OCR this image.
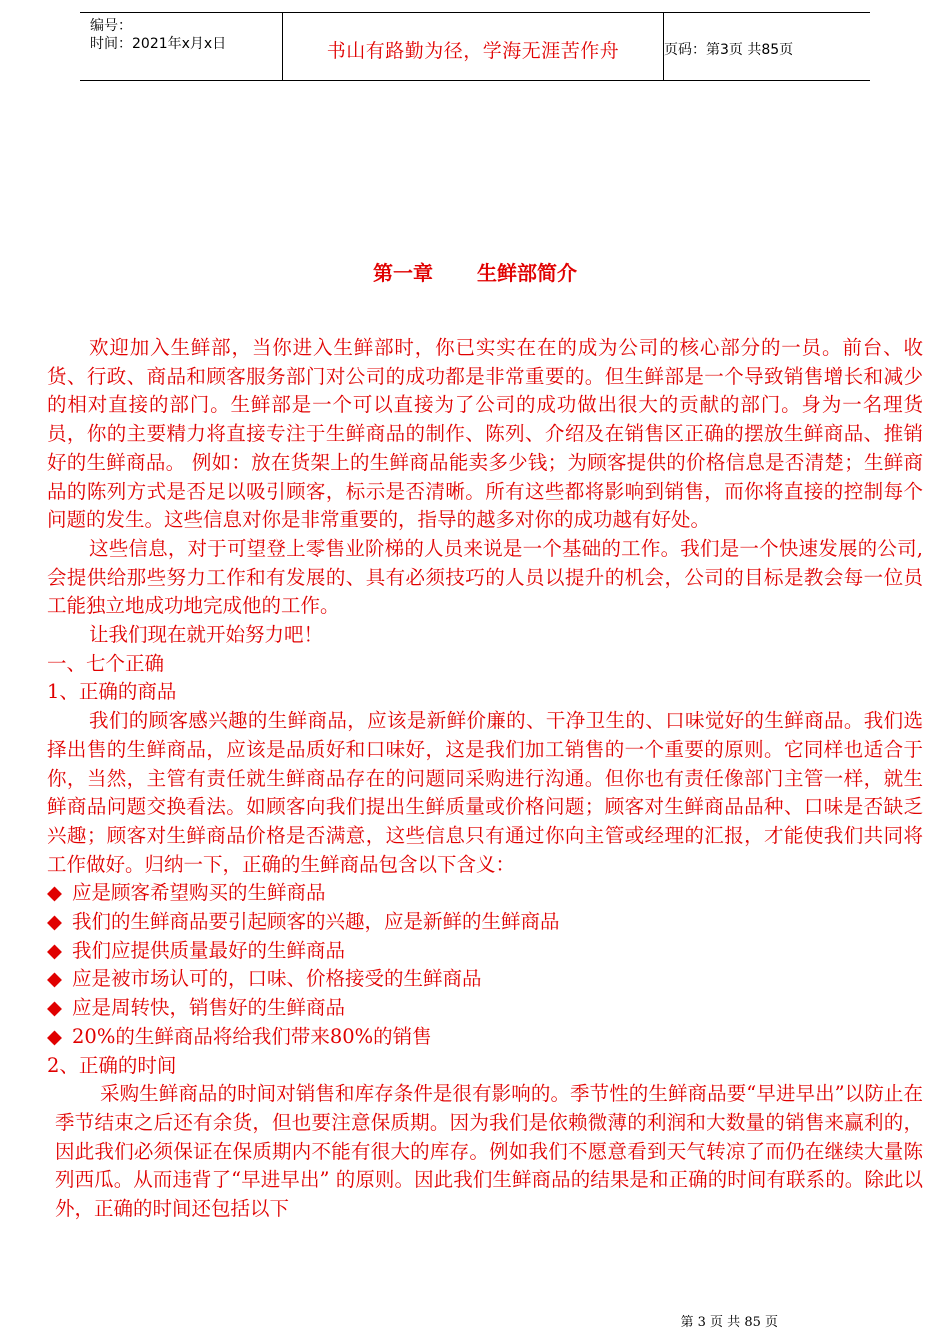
编号：
时间：2021年x月x日	书山有路勤为径，学海无涯苦作舟	页码：第3页 共85页
第一章 生鲜部简介

欢迎加入生鲜部，当你进入生鲜部时，你已实实在在的成为公司的核心部分的一员。前台、收货、行政、商品和顾客服务部门对公司的成功都是非常重要的。但生鲜部是一个导致销售增长和减少的相对直接的部门。生鲜部是一个可以直接为了公司的成功做出很大的贡献的部门。身为一名理货员，你的主要精力将直接专注于生鲜商品的制作、陈列、介绍及在销售区正确的摆放生鲜商品、推销好的生鲜商品。 例如：放在货架上的生鲜商品能卖多少钱；为顾客提供的价格信息是否清楚；生鲜商品的陈列方式是否足以吸引顾客，标示是否清晰。所有这些都将影响到销售，而你将直接的控制每个问题的发生。这些信息对你是非常重要的，指导的越多对你的成功越有好处。

这些信息，对于可望登上零售业阶梯的人员来说是一个基础的工作。我们是一个快速发展的公司,会提供给那些努力工作和有发展的、具有必须技巧的人员以提升的机会，公司的目标是教会每一位员工能独立地成功地完成他的工作。

让我们现在就开始努力吧！

一、七个正确

1、正确的商品

我们的顾客感兴趣的生鲜商品，应该是新鲜价廉的、干净卫生的、口味觉好的生鲜商品。我们选择出售的生鲜商品，应该是品质好和口味好，这是我们加工销售的一个重要的原则。它同样也适合于你，当然，主管有责任就生鲜商品存在的问题同采购进行沟通。但你也有责任像部门主管一样，就生鲜商品问题交换看法。如顾客向我们提出生鲜质量或价格问题；顾客对生鲜商品品种、口味是否缺乏兴趣；顾客对生鲜商品价格是否满意，这些信息只有通过你向主管或经理的汇报，才能使我们共同将工作做好。归纳一下，正确的生鲜商品包含以下含义：

◆ 应是顾客希望购买的生鲜商品

◆ 我们的生鲜商品要引起顾客的兴趣，应是新鲜的生鲜商品

◆ 我们应提供质量最好的生鲜商品

◆ 应是被市场认可的，口味、价格接受的生鲜商品

◆ 应是周转快，销售好的生鲜商品

◆ 20%的生鲜商品将给我们带来80%的销售

2、正确的时间

采购生鲜商品的时间对销售和库存条件是很有影响的。季节性的生鲜商品要“早进早出”以防止在季节结束之后还有余货，但也要注意保质期。因为我们是依赖微薄的利润和大数量的销售来赢利的，因此我们必须保证在保质期内不能有很大的库存。例如我们不愿意看到天气转凉了而仍在继续大量陈列西瓜。从而违背了“早进早出” 的原则。因此我们生鲜商品的结果是和正确的时间有联系的。除此以外，正确的时间还包括以下

第 3 页 共 85 页
